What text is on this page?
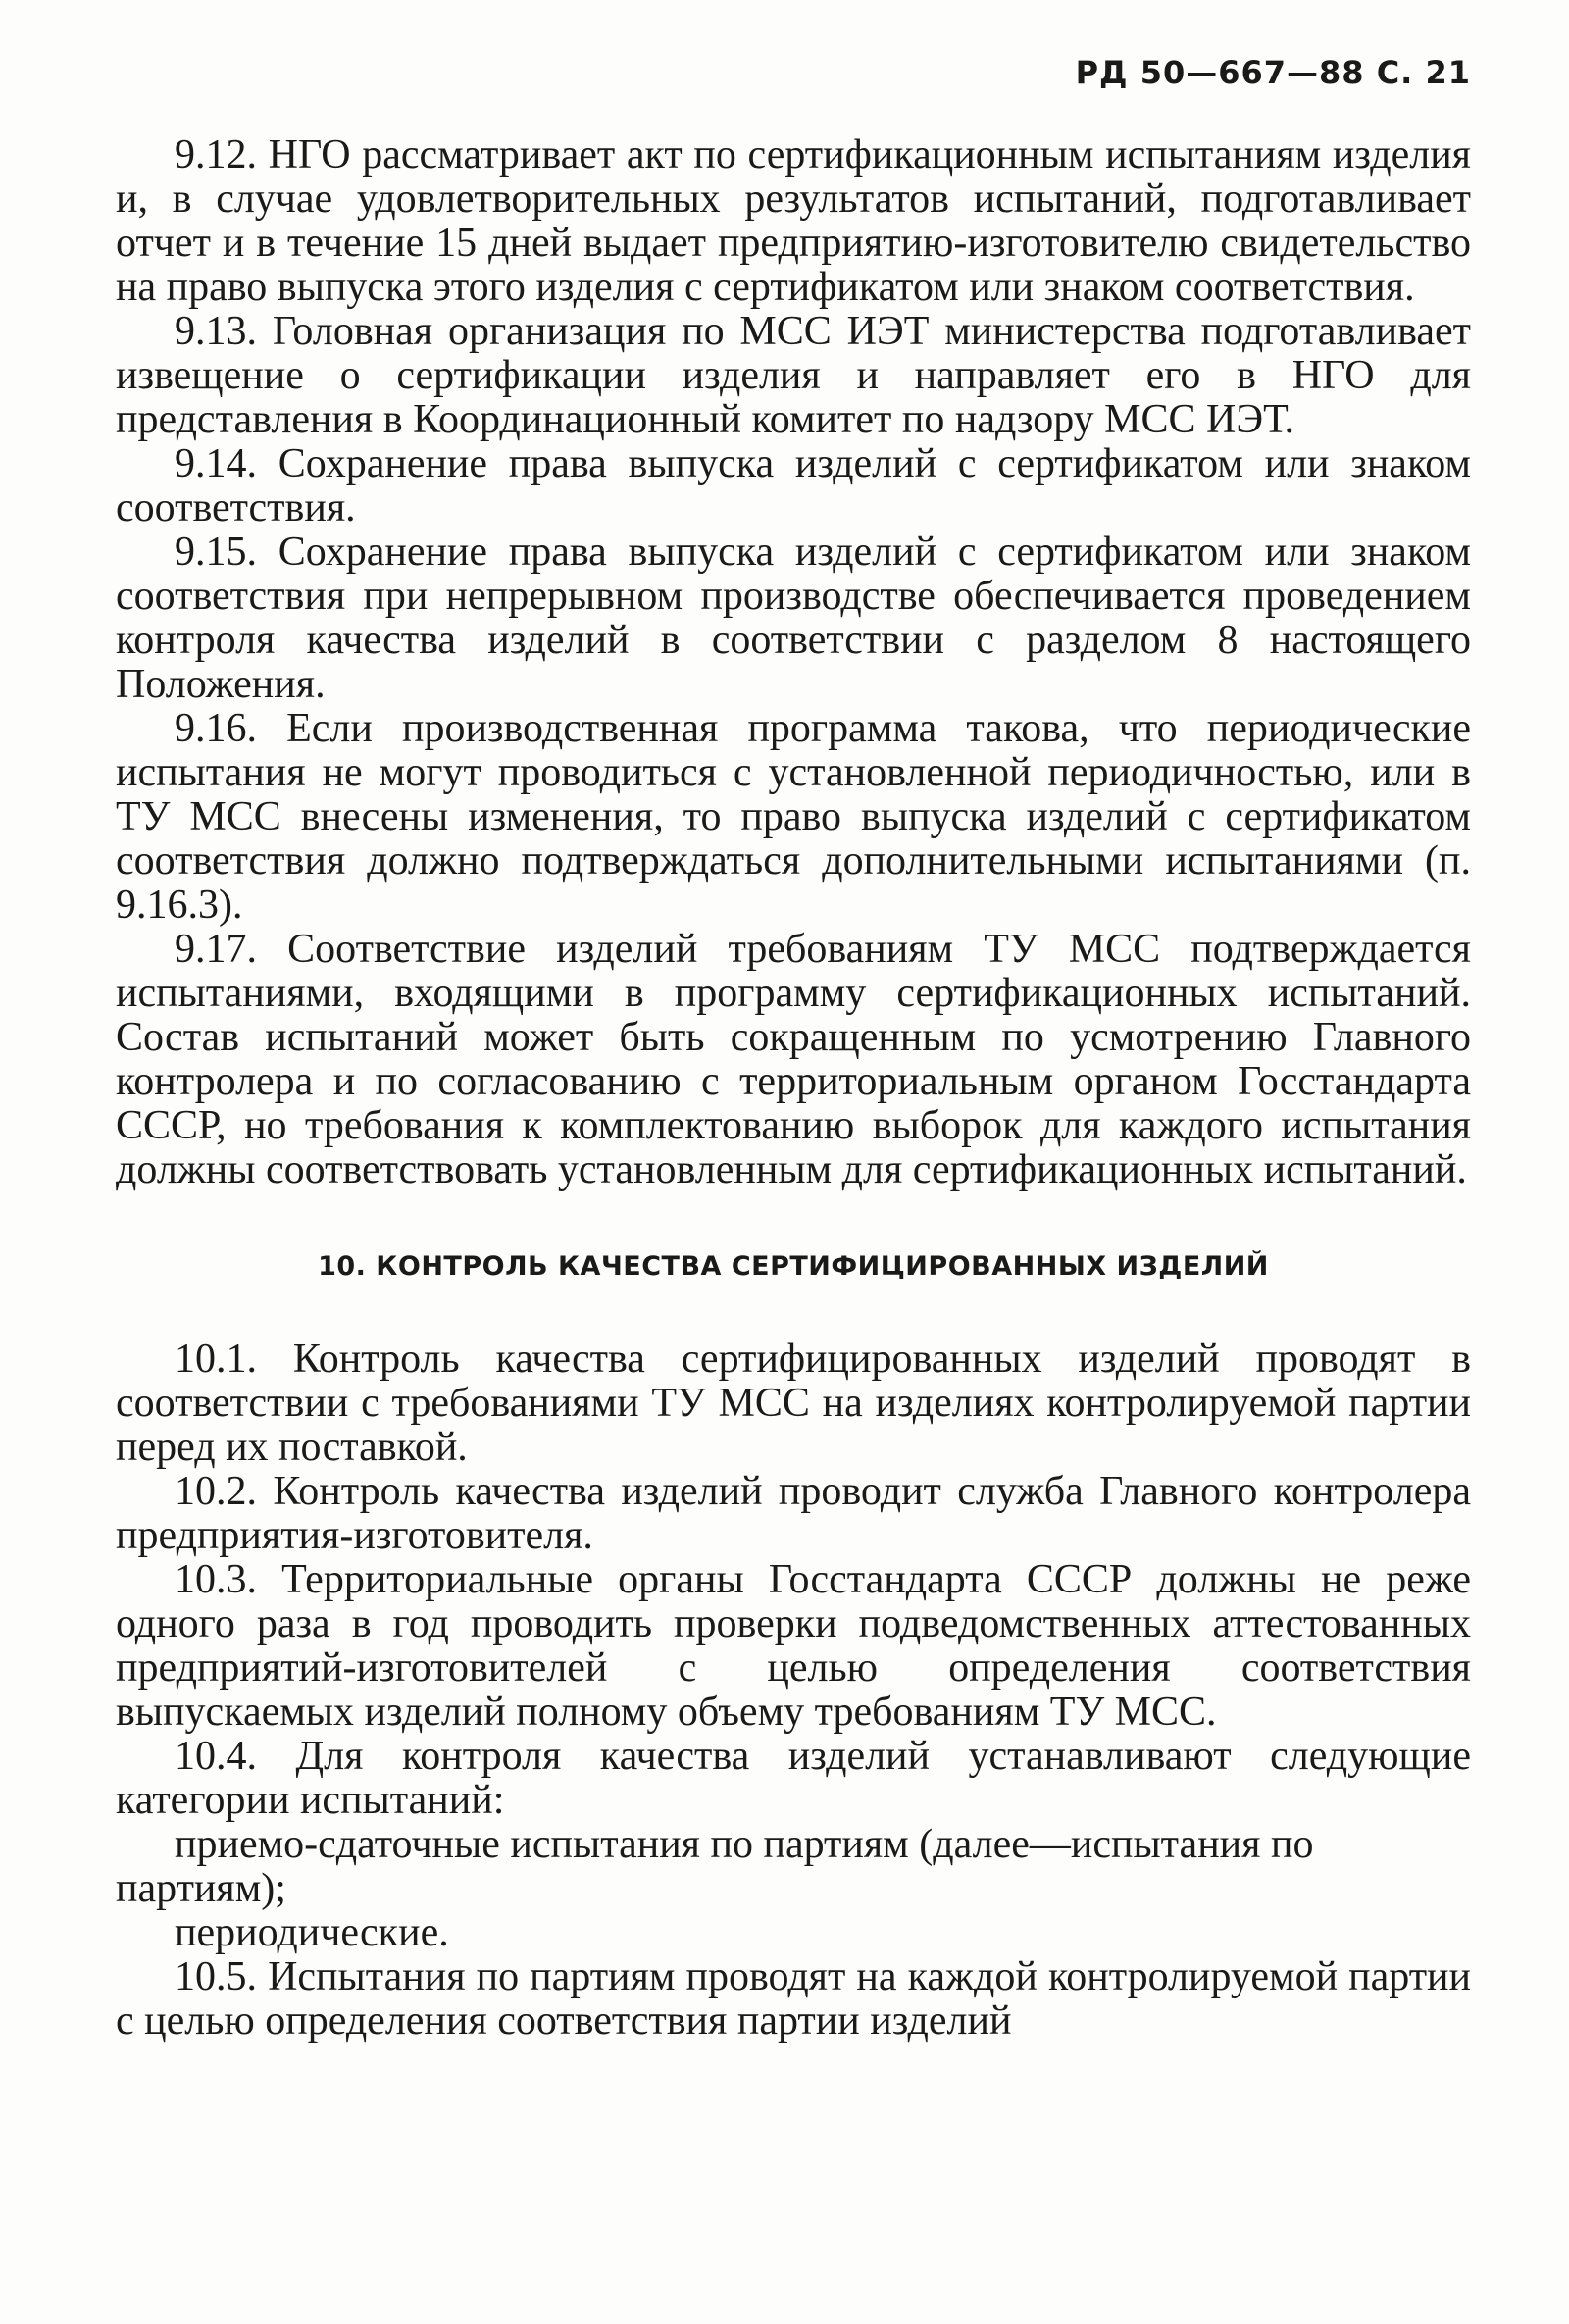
РД 50—667—88 С. 21

9.12. НГО рассматривает акт по сертификационным испытаниям изделия и, в случае удовлетворительных результатов испытаний, подготавливает отчет и в течение 15 дней выдает предприятию-изготовителю свидетельство на право выпуска этого изделия с сертификатом или знаком соответствия.

9.13. Головная организация по МСС ИЭТ министерства подготавливает извещение о сертификации изделия и направляет его в НГО для представления в Координационный комитет по надзору МСС ИЭТ.

9.14. Сохранение права выпуска изделий с сертификатом или знаком соответствия.

9.15. Сохранение права выпуска изделий с сертификатом или знаком соответствия при непрерывном производстве обеспечивается проведением контроля качества изделий в соответствии с разделом 8 настоящего Положения.

9.16. Если производственная программа такова, что периодические испытания не могут проводиться с установленной периодичностью, или в ТУ МСС внесены изменения, то право выпуска изделий с сертификатом соответствия должно подтверждаться дополнительными испытаниями (п. 9.16.3).

9.17. Соответствие изделий требованиям ТУ МСС подтверждается испытаниями, входящими в программу сертификационных испытаний. Состав испытаний может быть сокращенным по усмотрению Главного контролера и по согласованию с территориальным органом Госстандарта СССР, но требования к комплектованию выборок для каждого испытания должны соответствовать установленным для сертификационных испытаний.

10. КОНТРОЛЬ КАЧЕСТВА СЕРТИФИЦИРОВАННЫХ ИЗДЕЛИЙ

10.1. Контроль качества сертифицированных изделий проводят в соответствии с требованиями ТУ МСС на изделиях контролируемой партии перед их поставкой.

10.2. Контроль качества изделий проводит служба Главного контролера предприятия-изготовителя.

10.3. Территориальные органы Госстандарта СССР должны не реже одного раза в год проводить проверки подведомственных аттестованных предприятий-изготовителей с целью определения соответствия выпускаемых изделий полному объему требованиям ТУ МСС.

10.4. Для контроля качества изделий устанавливают следующие категории испытаний:

приемо-сдаточные испытания по партиям (далее—испытания по партиям);

периодические.

10.5. Испытания по партиям проводят на каждой контролируемой партии с целью определения соответствия партии изделий
